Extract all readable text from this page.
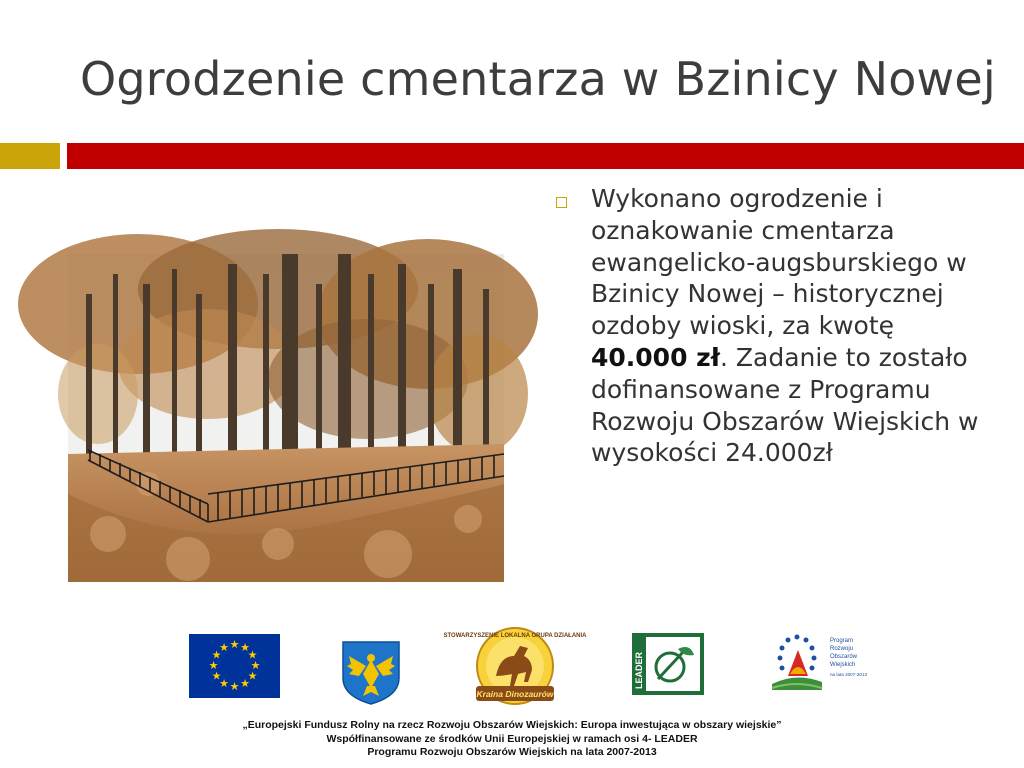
Ogrodzenie cmentarza w Bzinicy Nowej

Wykonano ogrodzenie i oznakowanie cmentarza ewangelicko-augsburskiego w Bzinicy Nowej – historycznej ozdoby wioski, za kwotę 40.000 zł. Zadanie to zostało dofinansowane z Programu Rozwoju Obszarów Wiejskich w wysokości 24.000zł

★ ★
★
★
★
★
★
★
★
★
★
★
STOWARZYSZENIE LOKALNA GRUPA DZIAŁANIA
Kraina Dinozaurów
LEADER
Program
Rozwoju
Obszarów
Wiejskich
na lata 2007-2013
„Europejski Fundusz Rolny na rzecz Rozwoju Obszarów Wiejskich: Europa inwestująca w obszary wiejskie”
Współfinansowane ze środków Unii Europejskiej w ramach osi 4- LEADER
Programu Rozwoju Obszarów Wiejskich na lata 2007-2013
